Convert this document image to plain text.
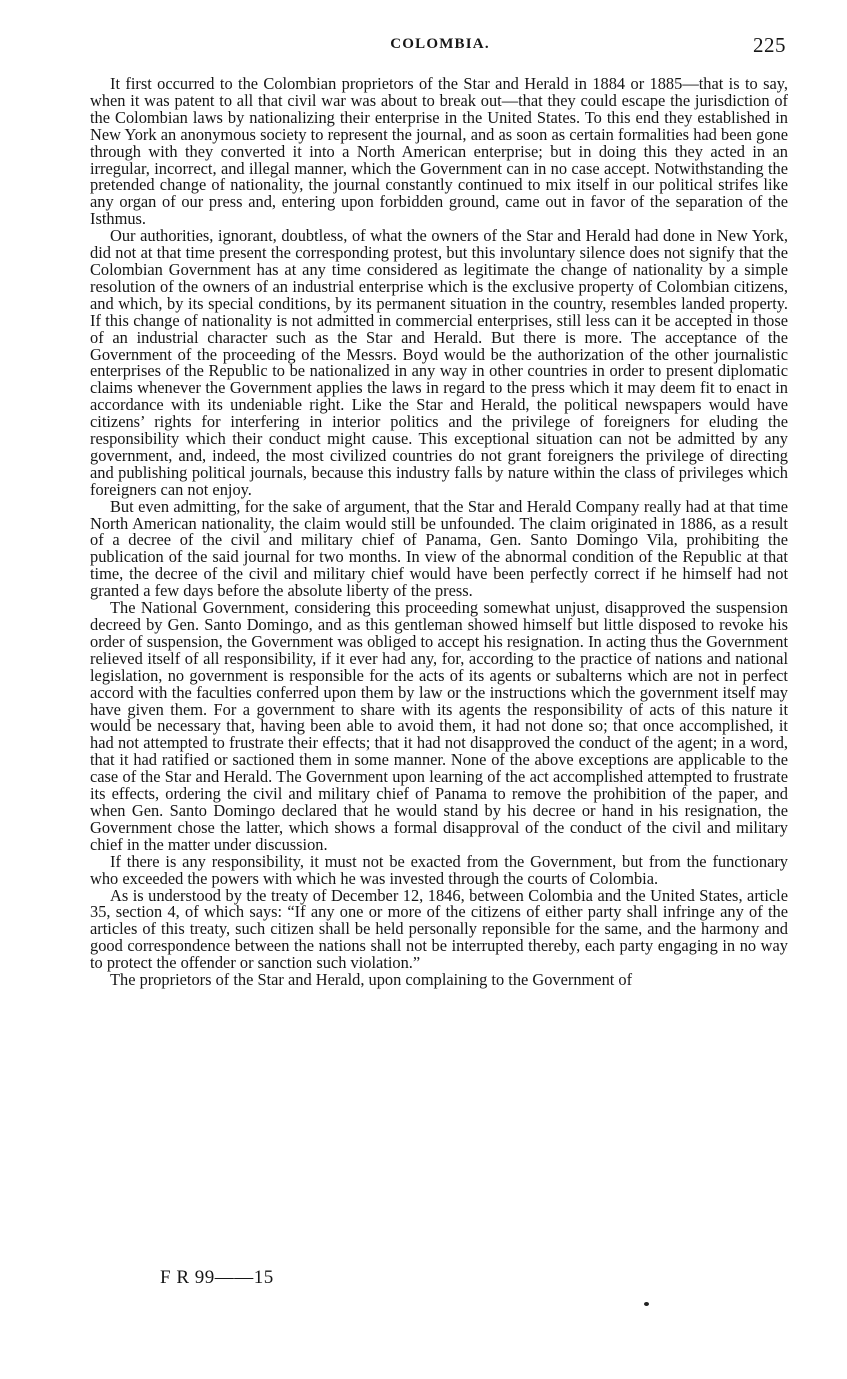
COLOMBIA.	225

It first occurred to the Colombian proprietors of the Star and Herald in 1884 or 1885—that is to say, when it was patent to all that civil war was about to break out—that they could escape the jurisdiction of the Colombian laws by nationalizing their enterprise in the United States. To this end they established in New York an anonymous society to represent the journal, and as soon as certain formalities had been gone through with they converted it into a North American enterprise; but in doing this they acted in an irregular, incorrect, and illegal manner, which the Government can in no case accept. Notwithstanding the pretended change of nationality, the journal constantly continued to mix itself in our political strifes like any organ of our press and, entering upon forbidden ground, came out in favor of the separation of the Isthmus.

Our authorities, ignorant, doubtless, of what the owners of the Star and Herald had done in New York, did not at that time present the corresponding protest, but this involuntary silence does not signify that the Colombian Government has at any time considered as legitimate the change of nationality by a simple resolution of the owners of an industrial enterprise which is the exclusive property of Colombian citizens, and which, by its special conditions, by its permanent situation in the country, resembles landed property. If this change of nationality is not admitted in commercial enterprises, still less can it be accepted in those of an industrial character such as the Star and Herald. But there is more. The acceptance of the Government of the proceeding of the Messrs. Boyd would be the authorization of the other journalistic enterprises of the Republic to be nationalized in any way in other countries in order to present diplomatic claims whenever the Government applies the laws in regard to the press which it may deem fit to enact in accordance with its undeniable right. Like the Star and Herald, the political newspapers would have citizens’ rights for interfering in interior politics and the privilege of foreigners for eluding the responsibility which their conduct might cause. This exceptional situation can not be admitted by any government, and, indeed, the most civilized countries do not grant foreigners the privilege of directing and publishing political journals, because this industry falls by nature within the class of privileges which foreigners can not enjoy.

But even admitting, for the sake of argument, that the Star and Herald Company really had at that time North American nationality, the claim would still be unfounded. The claim originated in 1886, as a result of a decree of the civil and military chief of Panama, Gen. Santo Domingo Vila, prohibiting the publication of the said journal for two months. In view of the abnormal condition of the Republic at that time, the decree of the civil and military chief would have been perfectly correct if he himself had not granted a few days before the absolute liberty of the press.

The National Government, considering this proceeding somewhat unjust, disapproved the suspension decreed by Gen. Santo Domingo, and as this gentleman showed himself but little disposed to revoke his order of suspension, the Government was obliged to accept his resignation. In acting thus the Government relieved itself of all responsibility, if it ever had any, for, according to the practice of nations and national legislation, no government is responsible for the acts of its agents or subalterns which are not in perfect accord with the faculties conferred upon them by law or the instructions which the government itself may have given them. For a government to share with its agents the responsibility of acts of this nature it would be necessary that, having been able to avoid them, it had not done so; that once accomplished, it had not attempted to frustrate their effects; that it had not disapproved the conduct of the agent; in a word, that it had ratified or sactioned them in some manner. None of the above exceptions are applicable to the case of the Star and Herald. The Government upon learning of the act accomplished attempted to frustrate its effects, ordering the civil and military chief of Panama to remove the prohibition of the paper, and when Gen. Santo Domingo declared that he would stand by his decree or hand in his resignation, the Government chose the latter, which shows a formal disapproval of the conduct of the civil and military chief in the matter under discussion.

If there is any responsibility, it must not be exacted from the Government, but from the functionary who exceeded the powers with which he was invested through the courts of Colombia.

As is understood by the treaty of December 12, 1846, between Colombia and the United States, article 35, section 4, of which says: “If any one or more of the citizens of either party shall infringe any of the articles of this treaty, such citizen shall be held personally reponsible for the same, and the harmony and good correspondence between the nations shall not be interrupted thereby, each party engaging in no way to protect the offender or sanction such violation.”

The proprietors of the Star and Herald, upon complaining to the Government of

F R 99——15
